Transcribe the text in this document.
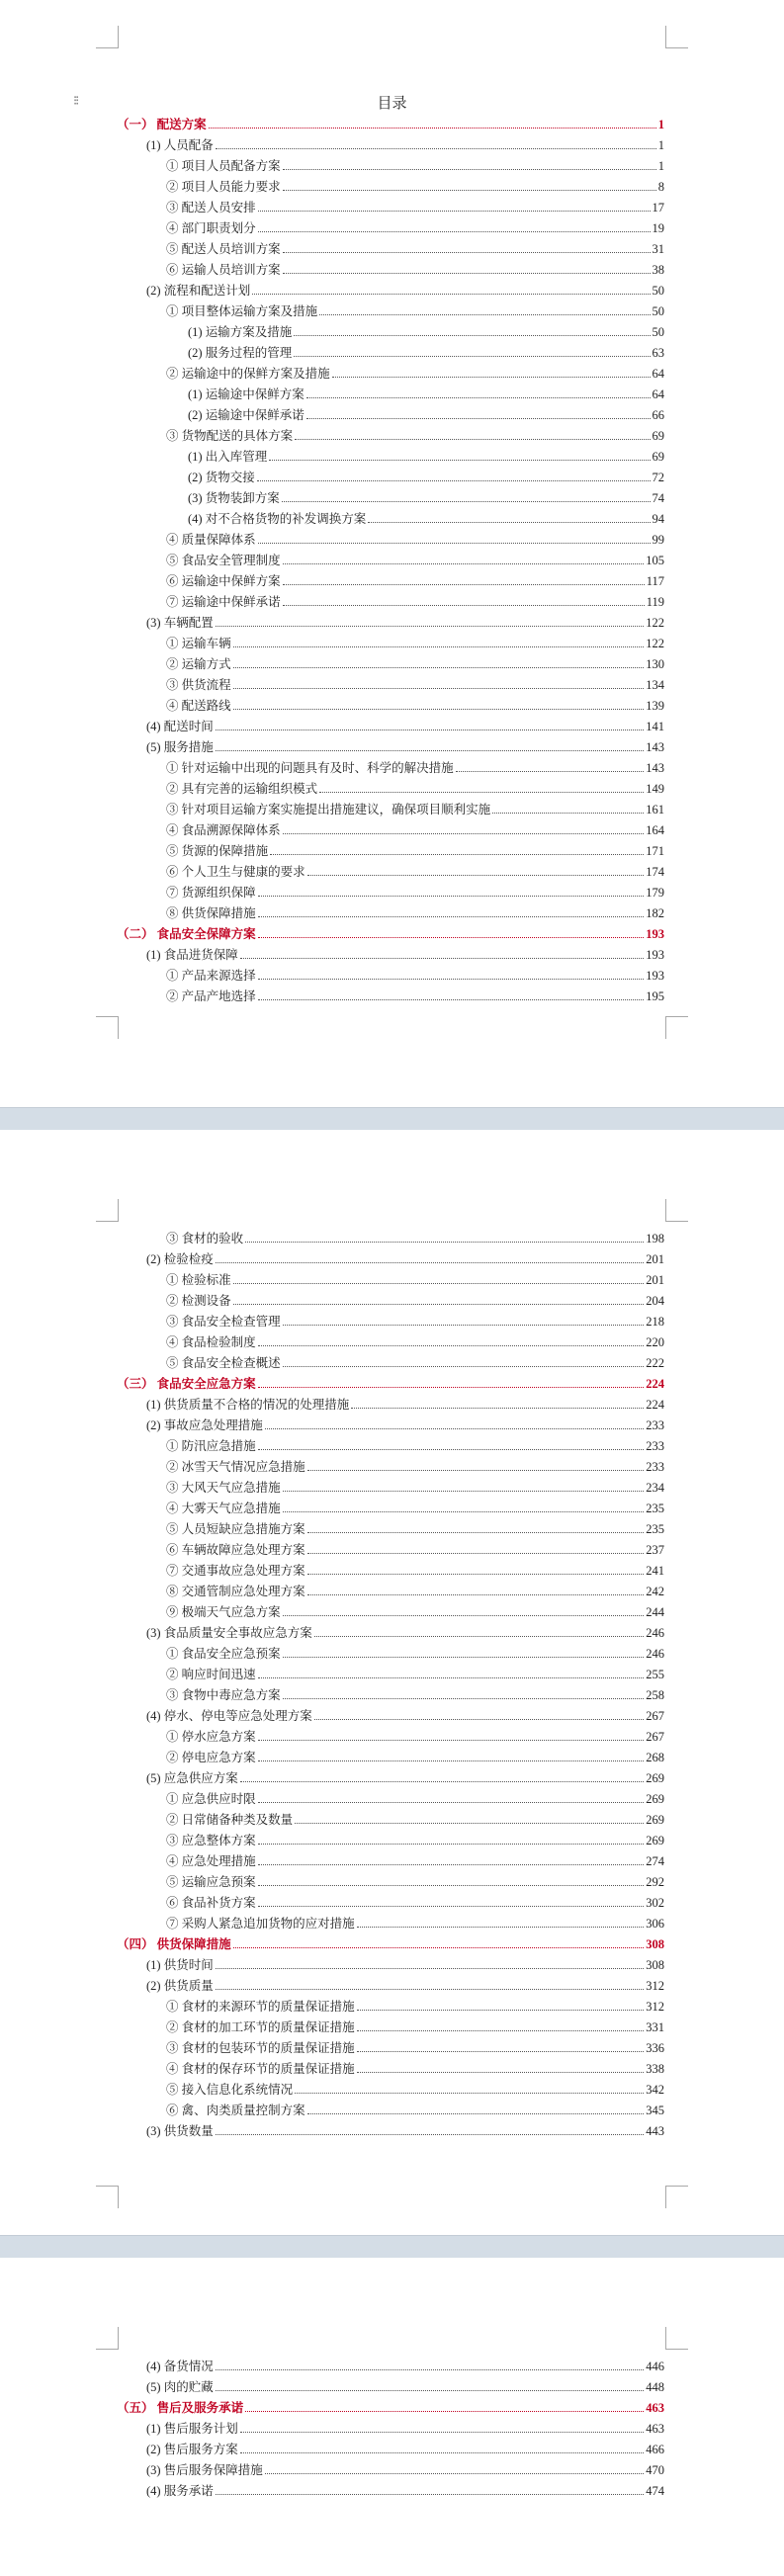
⁝⁝	目录
（一） 配送方案	1
(1) 人员配备	1
① 项目人员配备方案	1
② 项目人员能力要求	8
③ 配送人员安排	17
④ 部门职责划分	19
⑤ 配送人员培训方案	31
⑥ 运输人员培训方案	38
(2) 流程和配送计划	50
① 项目整体运输方案及措施	50
(1) 运输方案及措施	50
(2) 服务过程的管理	63
② 运输途中的保鲜方案及措施	64
(1) 运输途中保鲜方案	64
(2) 运输途中保鲜承诺	66
③ 货物配送的具体方案	69
(1) 出入库管理	69
(2) 货物交接	72
(3) 货物装卸方案	74
(4) 对不合格货物的补发调换方案	94
④ 质量保障体系	99
⑤ 食品安全管理制度	105
⑥ 运输途中保鲜方案	117
⑦ 运输途中保鲜承诺	119
(3) 车辆配置	122
① 运输车辆	122
② 运输方式	130
③ 供货流程	134
④ 配送路线	139
(4) 配送时间	141
(5) 服务措施	143
① 针对运输中出现的问题具有及时、科学的解决措施	143
② 具有完善的运输组织模式	149
③ 针对项目运输方案实施提出措施建议，确保项目顺利实施	161
④ 食品溯源保障体系	164
⑤ 货源的保障措施	171
⑥ 个人卫生与健康的要求	174
⑦ 货源组织保障	179
⑧ 供货保障措施	182
（二） 食品安全保障方案	193
(1) 食品进货保障	193
① 产品来源选择	193
② 产品产地选择	195
③ 食材的验收	198
(2) 检验检疫	201
① 检验标准	201
② 检测设备	204
③ 食品安全检查管理	218
④ 食品检验制度	220
⑤ 食品安全检查概述	222
（三） 食品安全应急方案	224
(1) 供货质量不合格的情况的处理措施	224
(2) 事故应急处理措施	233
① 防汛应急措施	233
② 冰雪天气情况应急措施	233
③ 大风天气应急措施	234
④ 大雾天气应急措施	235
⑤ 人员短缺应急措施方案	235
⑥ 车辆故障应急处理方案	237
⑦ 交通事故应急处理方案	241
⑧ 交通管制应急处理方案	242
⑨ 极端天气应急方案	244
(3) 食品质量安全事故应急方案	246
① 食品安全应急预案	246
② 响应时间迅速	255
③ 食物中毒应急方案	258
(4) 停水、停电等应急处理方案	267
① 停水应急方案	267
② 停电应急方案	268
(5) 应急供应方案	269
① 应急供应时限	269
② 日常储备种类及数量	269
③ 应急整体方案	269
④ 应急处理措施	274
⑤ 运输应急预案	292
⑥ 食品补货方案	302
⑦ 采购人紧急追加货物的应对措施	306
（四） 供货保障措施	308
(1) 供货时间	308
(2) 供货质量	312
① 食材的来源环节的质量保证措施	312
② 食材的加工环节的质量保证措施	331
③ 食材的包装环节的质量保证措施	336
④ 食材的保存环节的质量保证措施	338
⑤ 接入信息化系统情况	342
⑥ 禽、肉类质量控制方案	345
(3) 供货数量	443
(4) 备货情况	446
(5) 肉的贮藏	448
（五） 售后及服务承诺	463
(1) 售后服务计划	463
(2) 售后服务方案	466
(3) 售后服务保障措施	470
(4) 服务承诺	474
